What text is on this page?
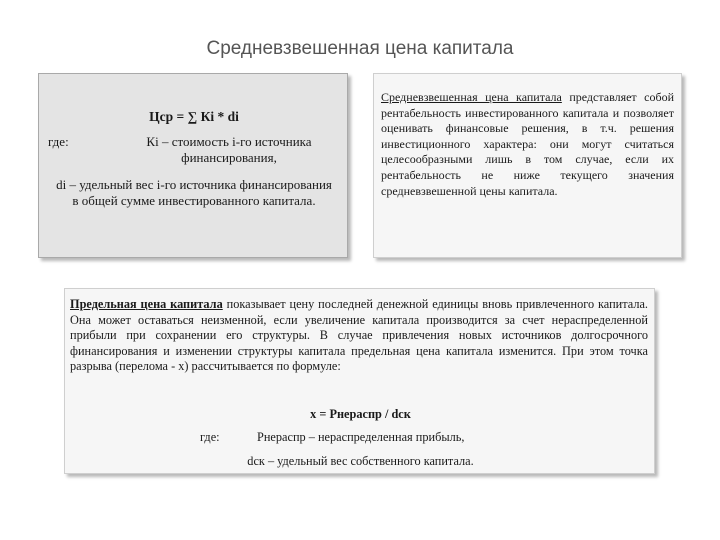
Средневзвешенная цена капитала
Цср = ∑ Кi * di
где:	Кi – стоимость i-го источника финансирования,
di – удельный вес i-го источника финансирования в общей сумме инвестированного капитала.
Средневзвешенная цена капитала представляет собой рентабельность инвестированного капитала и позволяет оценивать финансовые решения, в т.ч. решения инвестиционного характера: они могут считаться целесообразными лишь в том случае, если их рентабельность не ниже текущего значения
средневзвешенной цены капитала.
Предельная цена капитала показывает цену последней денежной единицы вновь привлеченного капитала. Она может оставаться неизменной, если увеличение капитала производится за счет нераспределенной прибыли при сохранении его структуры. В случае привлечения новых источников долгосрочного финансирования и изменении структуры капитала предельная цена капитала изменится. При этом точка разрыва (перелома - х) рассчитывается по формуле:
х = Рнераспр / dск
где:	Рнераспр – нераспределенная прибыль,
dск – удельный вес собственного капитала.
